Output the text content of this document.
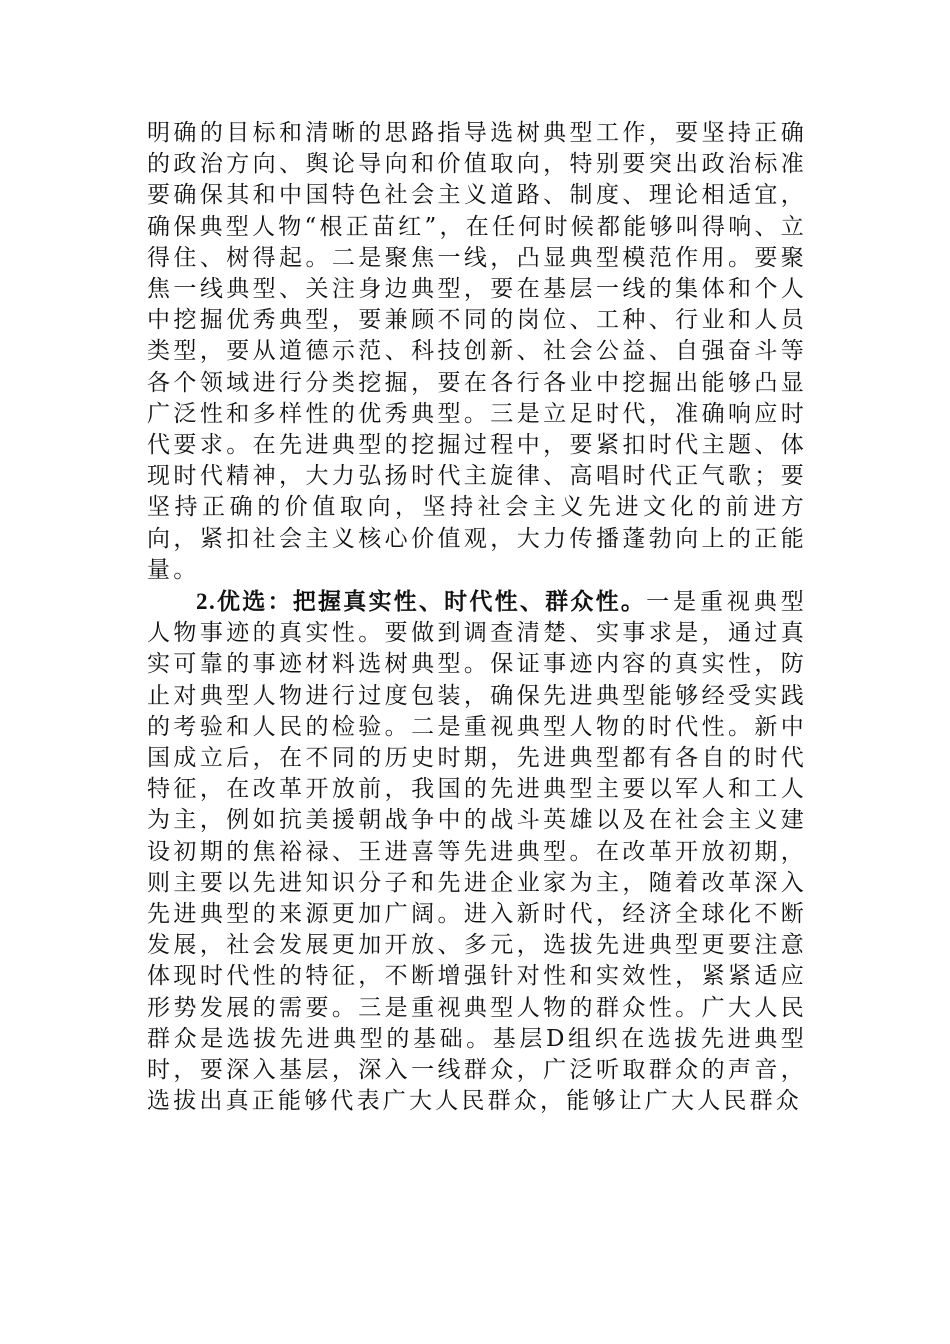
明确的目标和清晰的思路指导选树典型工作，要坚持正确的政治方向、舆论导向和价值取向，特别要突出政治标准要确保其和中国特色社会主义道路、制度、理论相适宜，确保典型人物“根正苗红”，在任何时候都能够叫得响、立得住、树得起。二是聚焦一线，凸显典型模范作用。要聚焦一线典型、关注身边典型，要在基层一线的集体和个人中挖掘优秀典型，要兼顾不同的岗位、工种、行业和人员类型，要从道德示范、科技创新、社会公益、自强奋斗等各个领域进行分类挖掘，要在各行各业中挖掘出能够凸显广泛性和多样性的优秀典型。三是立足时代，准确响应时代要求。在先进典型的挖掘过程中，要紧扣时代主题、体现时代精神，大力弘扬时代主旋律、高唱时代正气歌；要坚持正确的价值取向，坚持社会主义先进文化的前进方向，紧扣社会主义核心价值观，大力传播蓬勃向上的正能量。

2.优选：把握真实性、时代性、群众性。一是重视典型人物事迹的真实性。要做到调查清楚、实事求是，通过真实可靠的事迹材料选树典型。保证事迹内容的真实性，防止对典型人物进行过度包装，确保先进典型能够经受实践的考验和人民的检验。二是重视典型人物的时代性。新中国成立后，在不同的历史时期，先进典型都有各自的时代特征，在改革开放前，我国的先进典型主要以军人和工人为主，例如抗美援朝战争中的战斗英雄以及在社会主义建设初期的焦裕禄、王进喜等先进典型。在改革开放初期，则主要以先进知识分子和先进企业家为主，随着改革深入先进典型的来源更加广阔。进入新时代，经济全球化不断发展，社会发展更加开放、多元，选拔先进典型更要注意体现时代性的特征，不断增强针对性和实效性，紧紧适应形势发展的需要。三是重视典型人物的群众性。广大人民群众是选拔先进典型的基础。基层D组织在选拔先进典型时，要深入基层，深入一线群众，广泛听取群众的声音，选拔出真正能够代表广大人民群众，能够让广大人民群众
